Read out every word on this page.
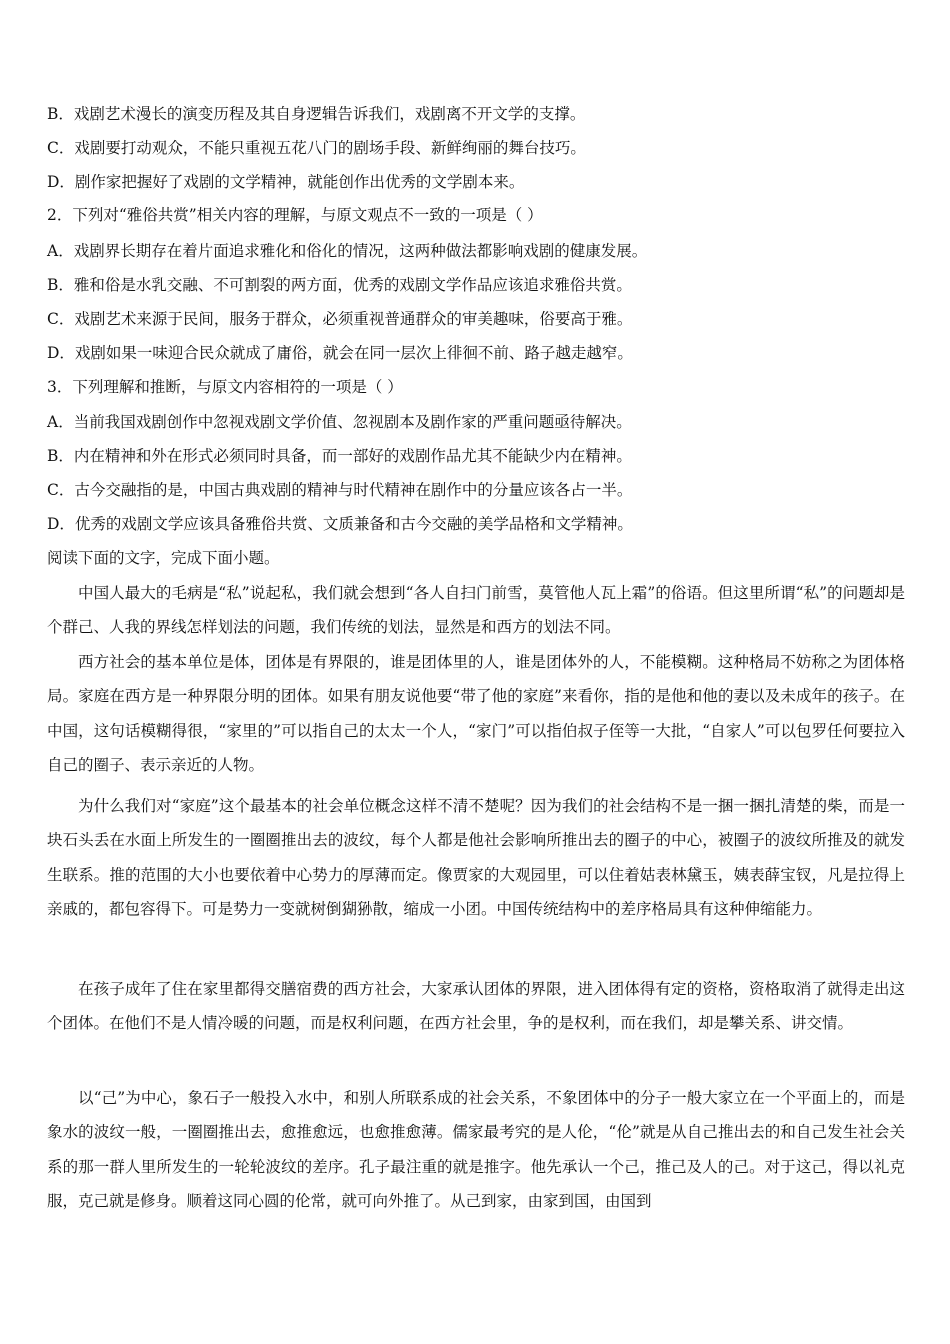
B．戏剧艺术漫长的演变历程及其自身逻辑告诉我们，戏剧离不开文学的支撑。
C．戏剧要打动观众，不能只重视五花八门的剧场手段、新鲜绚丽的舞台技巧。
D．剧作家把握好了戏剧的文学精神，就能创作出优秀的文学剧本来。
2．下列对“雅俗共赏”相关内容的理解，与原文观点不一致的一项是（ ）
A．戏剧界长期存在着片面追求雅化和俗化的情况，这两种做法都影响戏剧的健康发展。
B．雅和俗是水乳交融、不可割裂的两方面，优秀的戏剧文学作品应该追求雅俗共赏。
C．戏剧艺术来源于民间，服务于群众，必须重视普通群众的审美趣味，俗要高于雅。
D．戏剧如果一味迎合民众就成了庸俗，就会在同一层次上徘徊不前、路子越走越窄。
3．下列理解和推断，与原文内容相符的一项是（ ）
A．当前我国戏剧创作中忽视戏剧文学价值、忽视剧本及剧作家的严重问题亟待解决。
B．内在精神和外在形式必须同时具备，而一部好的戏剧作品尤其不能缺少内在精神。
C．古今交融指的是，中国古典戏剧的精神与时代精神在剧作中的分量应该各占一半。
D．优秀的戏剧文学应该具备雅俗共赏、文质兼备和古今交融的美学品格和文学精神。
阅读下面的文字，完成下面小题。
中国人最大的毛病是“私”说起私，我们就会想到“各人自扫门前雪，莫管他人瓦上霜”的俗语。但这里所谓“私”的问题却是个群己、人我的界线怎样划法的问题，我们传统的划法，显然是和西方的划法不同。
西方社会的基本单位是体，团体是有界限的，谁是团体里的人，谁是团体外的人，不能模糊。这种格局不妨称之为团体格局。家庭在西方是一种界限分明的团体。如果有朋友说他要“带了他的家庭”来看你，指的是他和他的妻以及未成年的孩子。在中国，这句话模糊得很，“家里的”可以指自己的太太一个人，“家门”可以指伯叔子侄等一大批，“自家人”可以包罗任何要拉入自己的圈子、表示亲近的人物。
为什么我们对“家庭”这个最基本的社会单位概念这样不清不楚呢？因为我们的社会结构不是一捆一捆扎清楚的柴，而是一块石头丢在水面上所发生的一圈圈推出去的波纹，每个人都是他社会影响所推出去的圈子的中心，被圈子的波纹所推及的就发生联系。推的范围的大小也要依着中心势力的厚薄而定。像贾家的大观园里，可以住着姑表林黛玉，姨表薛宝钗，凡是拉得上亲戚的，都包容得下。可是势力一变就树倒猢狲散，缩成一小团。中国传统结构中的差序格局具有这种伸缩能力。
在孩子成年了住在家里都得交膳宿费的西方社会，大家承认团体的界限，进入团体得有定的资格，资格取消了就得走出这个团体。在他们不是人情冷暖的问题，而是权利问题，在西方社会里，争的是权利，而在我们，却是攀关系、讲交情。
以“己”为中心，象石子一般投入水中，和别人所联系成的社会关系，不象团体中的分子一般大家立在一个平面上的，而是象水的波纹一般，一圈圈推出去，愈推愈远，也愈推愈薄。儒家最考究的是人伦，“伦”就是从自己推出去的和自己发生社会关系的那一群人里所发生的一轮轮波纹的差序。孔子最注重的就是推字。他先承认一个己，推己及人的己。对于这己，得以礼克服，克己就是修身。顺着这同心圆的伦常，就可向外推了。从己到家，由家到国，由国到
